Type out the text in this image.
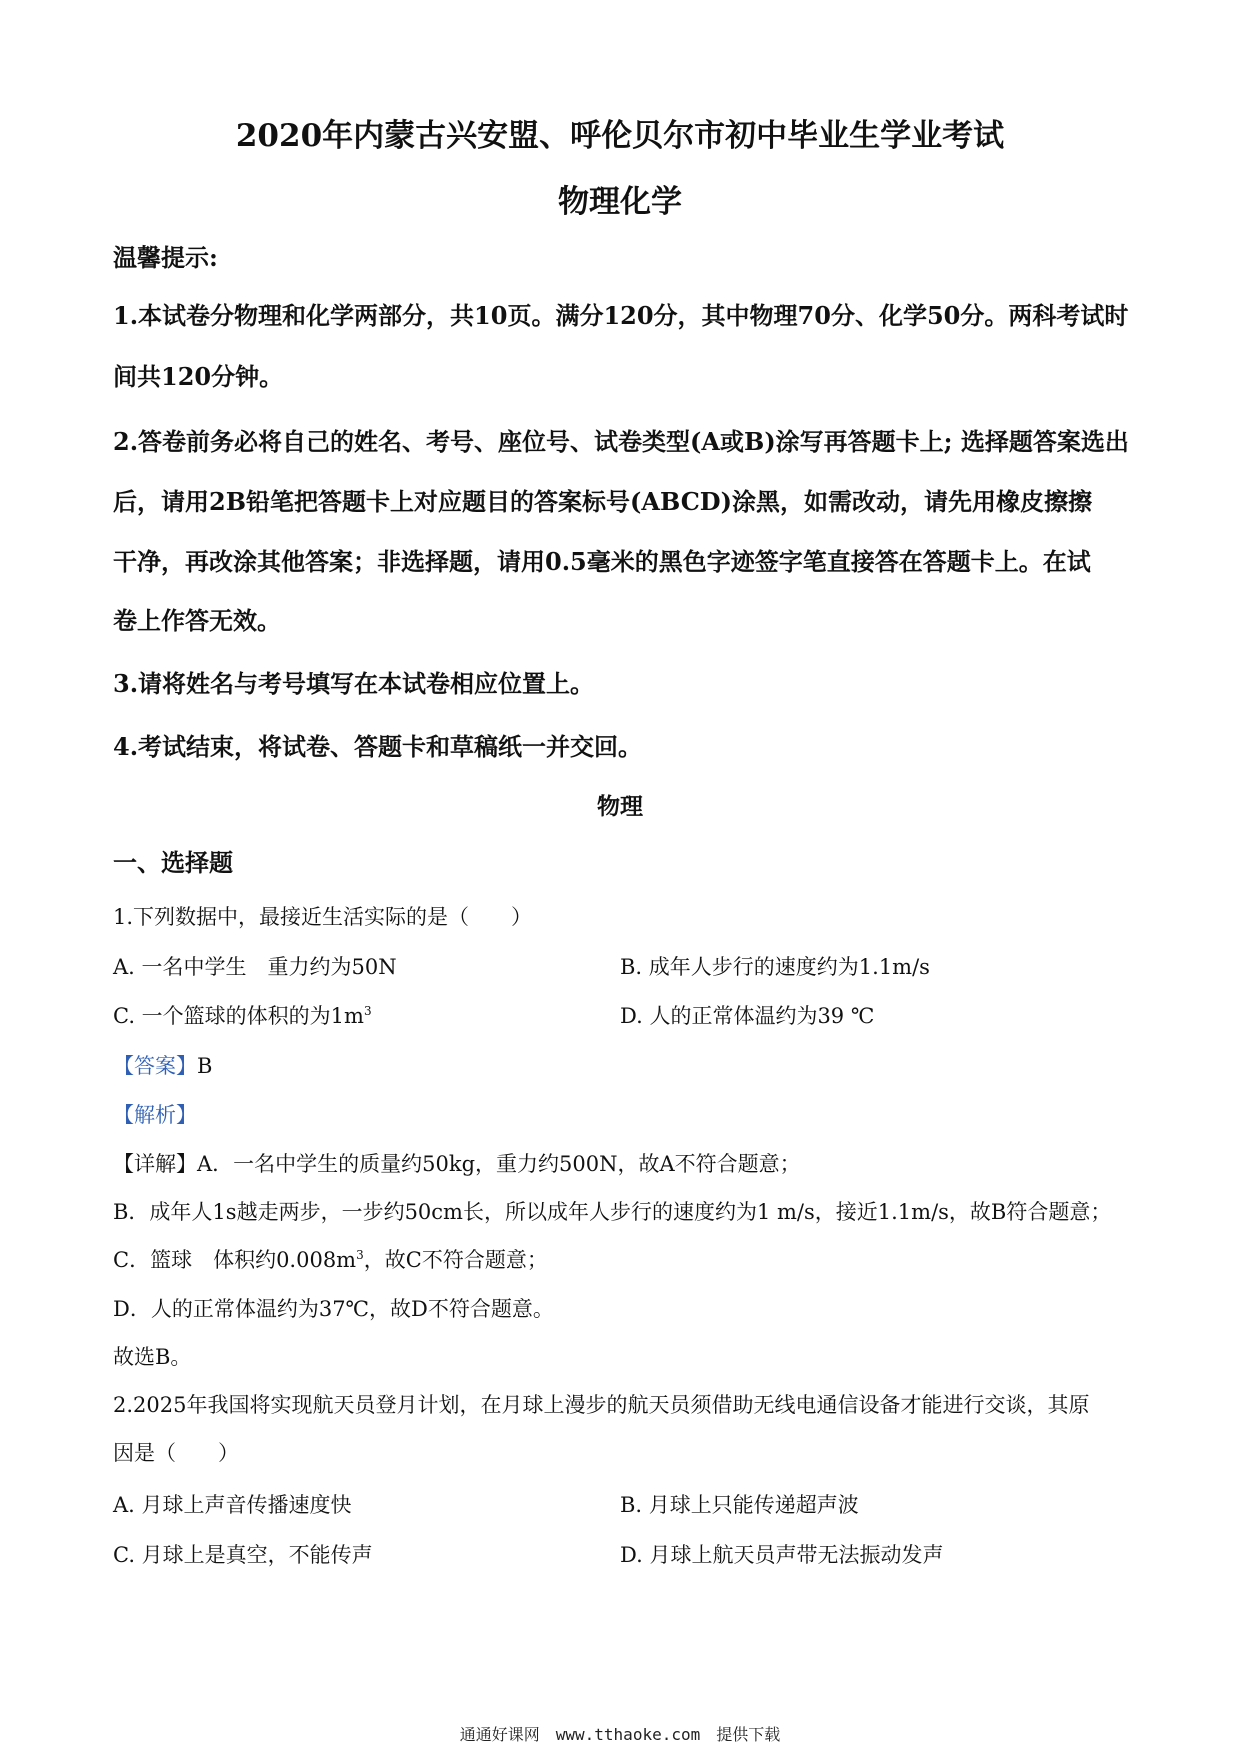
2020年内蒙古兴安盟、呼伦贝尔市初中毕业生学业考试
物理化学
温馨提示:
1.本试卷分物理和化学两部分，共10页。满分120分，其中物理70分、化学50分。两科考试时
间共120分钟。
2.答卷前务必将自己的姓名、考号、座位号、试卷类型(A或B)涂写再答题卡上; 选择题答案选出
后，请用2B铅笔把答题卡上对应题目的答案标号(ABCD)涂黑，如需改动，请先用橡皮擦擦
干净，再改涂其他答案；非选择题，请用0.5毫米的黑色字迹签字笔直接答在答题卡上。在试
卷上作答无效。
3.请将姓名与考号填写在本试卷相应位置上。
4.考试结束，将试卷、答题卡和草稿纸一并交回。
物理
一、选择题
1.下列数据中，最接近生活实际的是（　　）
A. 一名中学生　重力约为50N	B. 成年人步行的速度约为1.1m/s
C. 一个篮球的体积的为$1m^3$	D. 人的正常体温约为39 ℃
【答案】B
【解析】
【详解】A．一名中学生的质量约50kg，重力约500N，故A不符合题意；
B．成年人1s越走两步，一步约50cm长，所以成年人步行的速度约为1 m/s，接近1.1m/s，故B符合题意；
C．篮球　体积约$0.008m^3$，故C不符合题意；
D．人的正常体温约为37℃，故D不符合题意。
故选B。
2.2025年我国将实现航天员登月计划，在月球上漫步的航天员须借助无线电通信设备才能进行交谈，其原
因是（　　）
A. 月球上声音传播速度快	B. 月球上只能传递超声波
C. 月球上是真空，不能传声	D. 月球上航天员声带无法振动发声
通通好课网　www.tthaoke.com　提供下载
